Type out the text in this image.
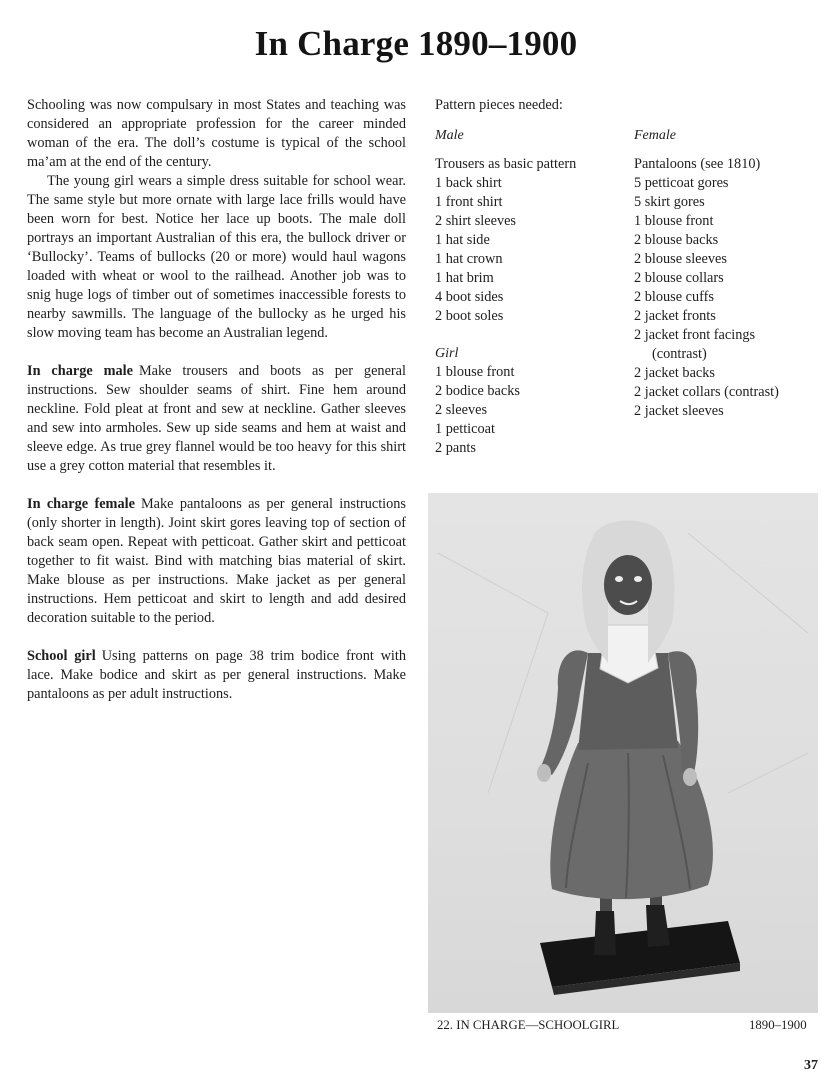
In Charge 1890–1900

Schooling was now compulsary in most States and teaching was considered an appropriate profession for the career minded woman of the era. The doll’s costume is typical of the school ma’am at the end of the century.

The young girl wears a simple dress suitable for school wear. The same style but more ornate with large lace frills would have been worn for best. Notice her lace up boots. The male doll portrays an important Australian of this era, the bullock driver or ‘Bullocky’. Teams of bullocks (20 or more) would haul wagons loaded with wheat or wool to the railhead. Another job was to snig huge logs of timber out of sometimes inaccessible forests to nearby sawmills. The language of the bullocky as he urged his slow moving team has become an Australian legend.

In charge male Make trousers and boots as per general instructions. Sew shoulder seams of shirt. Fine hem around neckline. Fold pleat at front and sew at neckline. Gather sleeves and sew into armholes. Sew up side seams and hem at waist and sleeve edge. As true grey flannel would be too heavy for this shirt use a grey cotton material that resembles it.

In charge female Make pantaloons as per general instructions (only shorter in length). Joint skirt gores leaving top of section of back seam open. Repeat with petticoat. Gather skirt and petticoat together to fit waist. Bind with matching bias material of skirt. Make blouse as per instructions. Make jacket as per general instructions. Hem petticoat and skirt to length and add desired decoration suitable to the period.

School girl Using patterns on page 38 trim bodice front with lace. Make bodice and skirt as per general instructions. Make pantaloons as per adult instructions.

Pattern pieces needed:
Male
Trousers as basic pattern
1 back shirt
1 front shirt
2 shirt sleeves
1 hat side
1 hat crown
1 hat brim
4 boot sides
2 boot soles
Girl
1 blouse front
2 bodice backs
2 sleeves
1 petticoat
2 pants
Female
Pantaloons (see 1810)
5 petticoat gores
5 skirt gores
1 blouse front
2 blouse backs
2 blouse sleeves
2 blouse collars
2 blouse cuffs
2 jacket fronts
2 jacket front facings
(contrast)
2 jacket backs
2 jacket collars (contrast)
2 jacket sleeves
22. IN CHARGE—SCHOOLGIRL	1890–1900
37
